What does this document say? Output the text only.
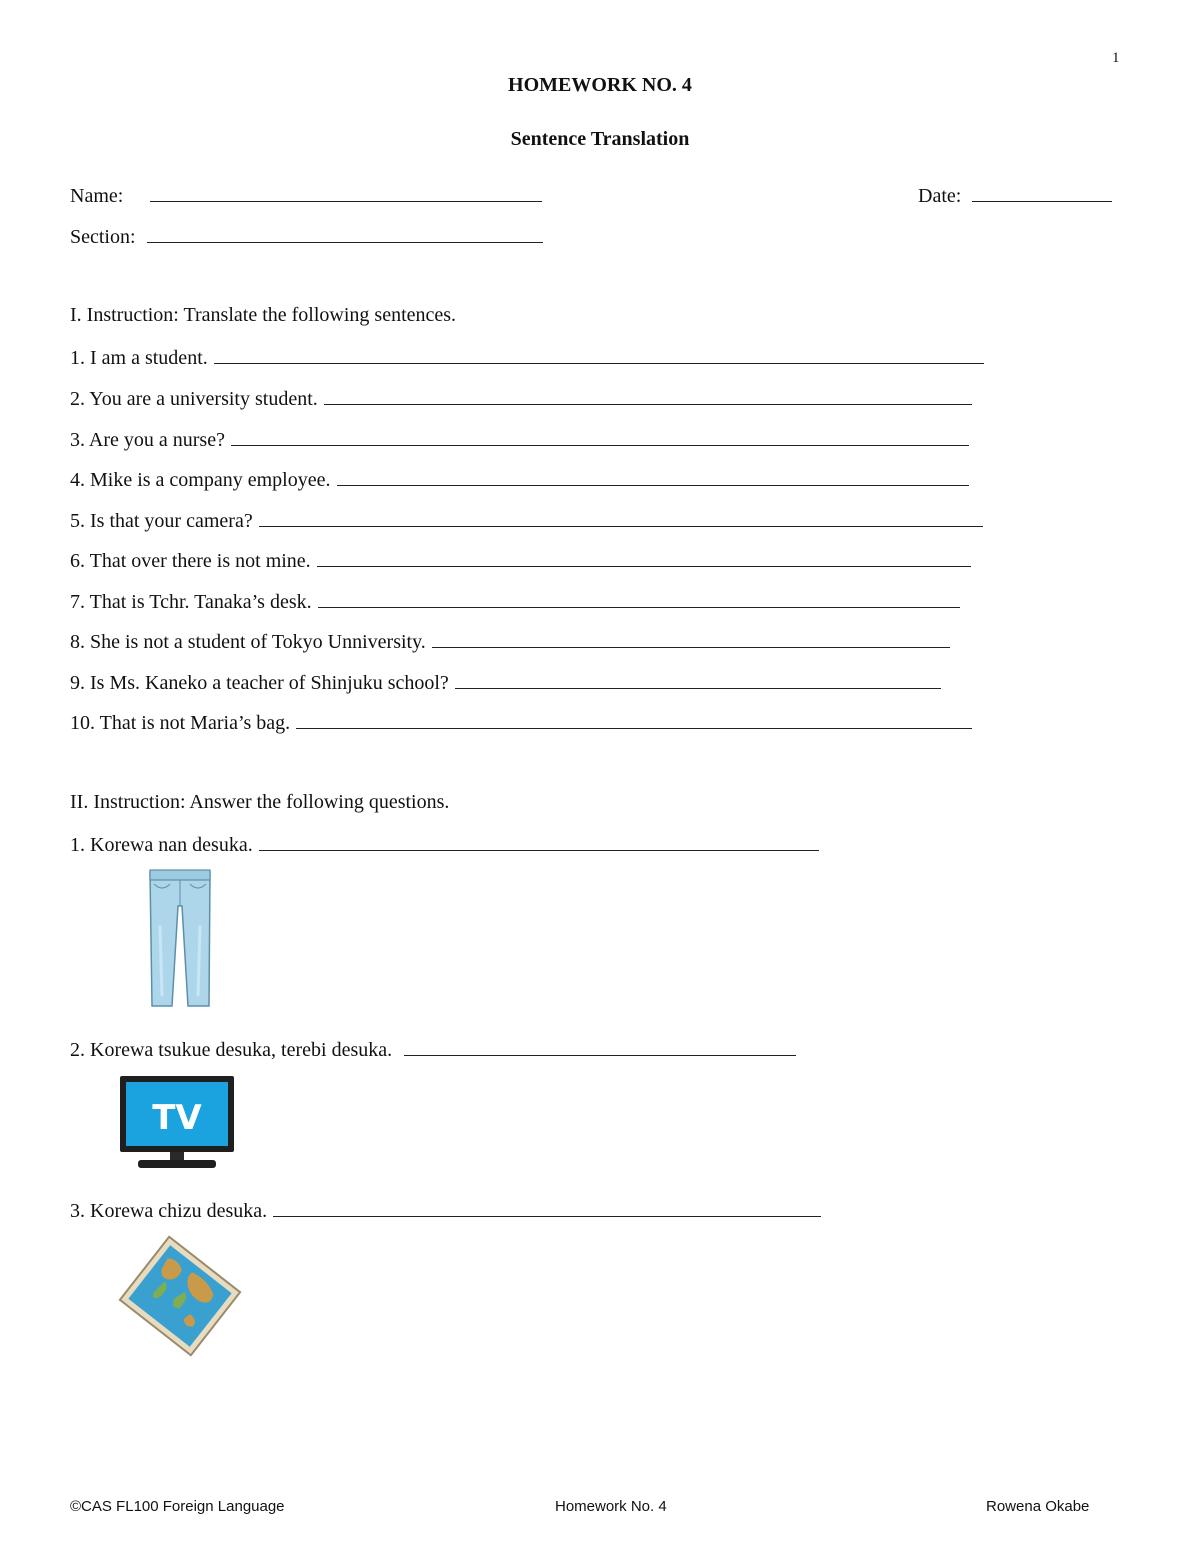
1
HOMEWORK NO. 4
Sentence Translation
Name:	Date:
Section:
I. Instruction: Translate the following sentences.
1. I am a student.
2. You are a university student.
3. Are you a nurse?
4. Mike is a company employee.
5. Is that your camera?
6. That over there is not mine.
7. That is Tchr. Tanaka’s desk.
8. She is not a student of Tokyo Unniversity.
9. Is Ms. Kaneko a teacher of Shinjuku school?
10. That is not Maria’s bag.
II. Instruction: Answer the following questions.
1. Korewa nan desuka.
2. Korewa tsukue desuka, terebi desuka.
TV
3. Korewa chizu desuka.
©CAS FL100 Foreign Language	Homework No. 4	Rowena Okabe
